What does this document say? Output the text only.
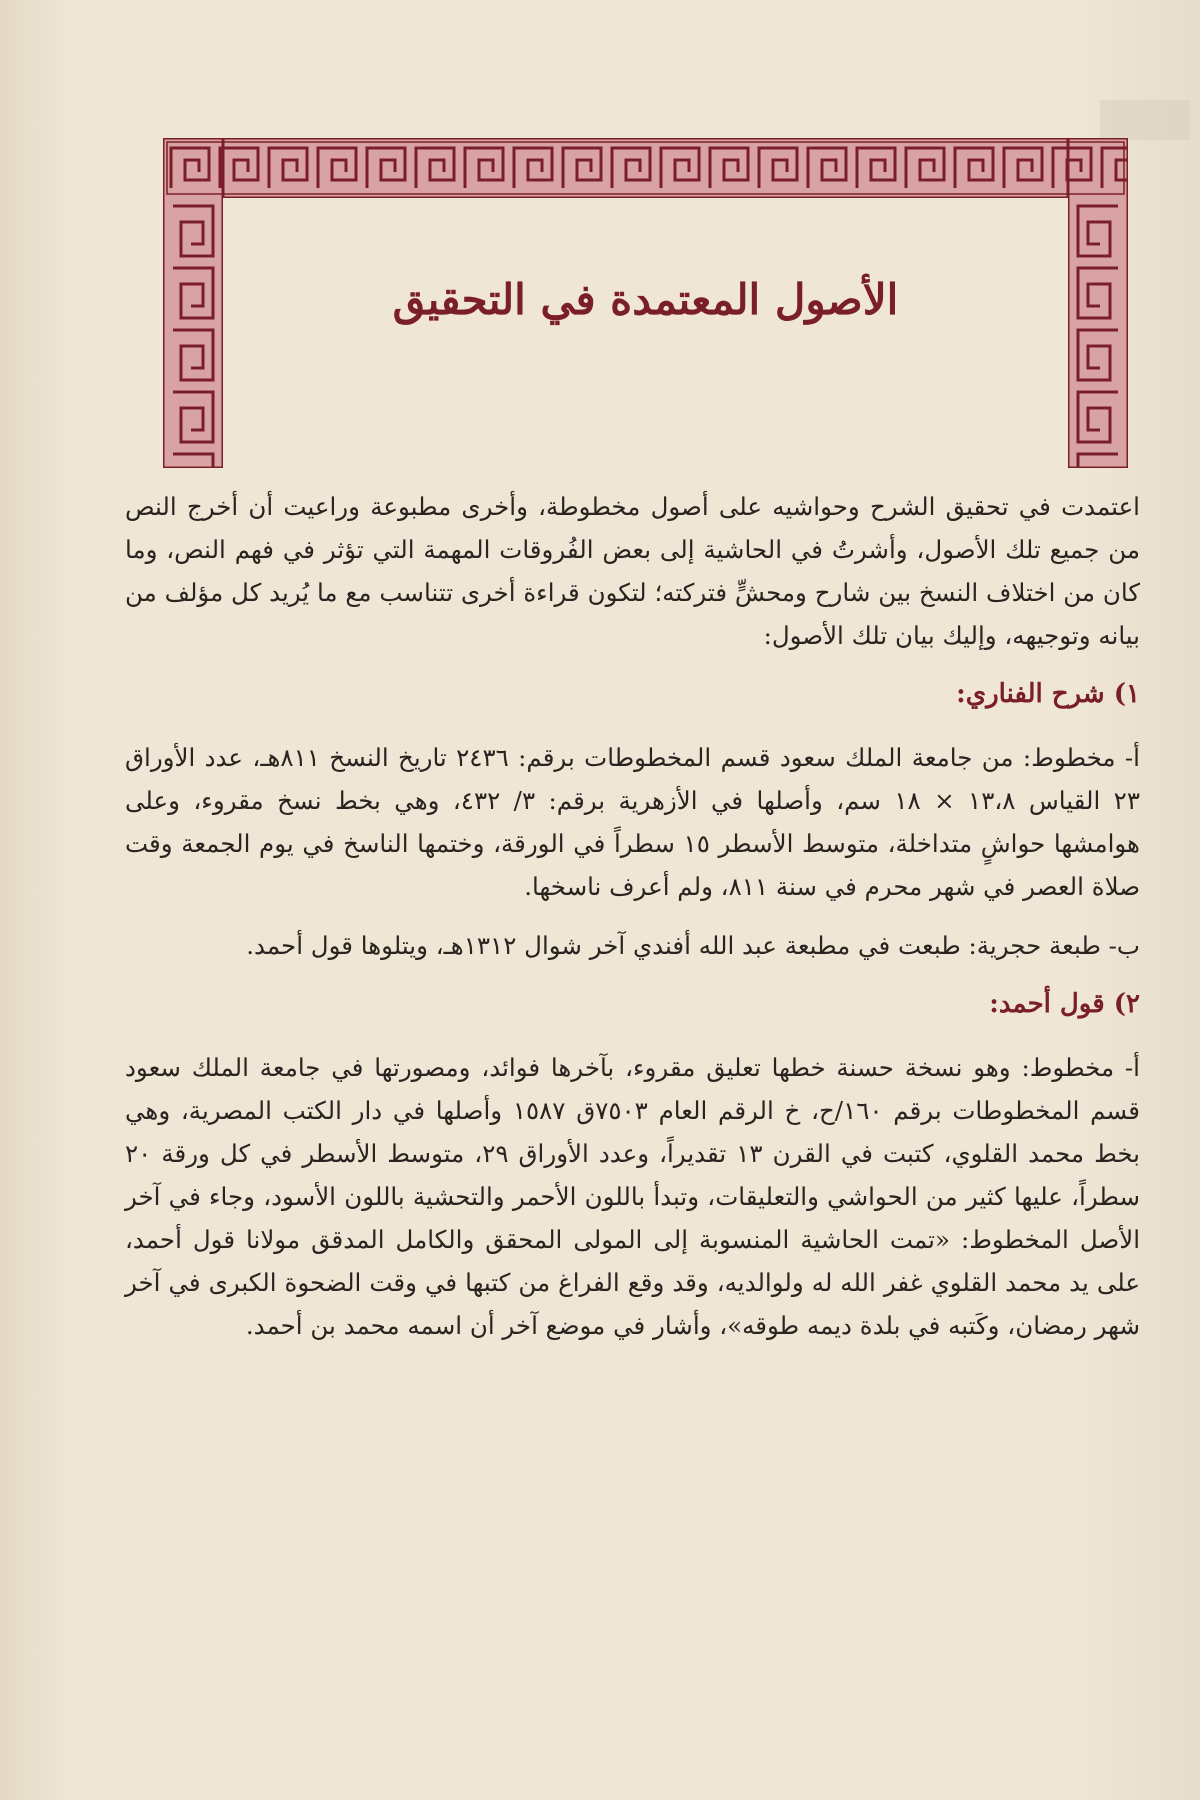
الأصول المعتمدة في التحقيق

اعتمدت في تحقيق الشرح وحواشيه على أصول مخطوطة، وأخرى مطبوعة وراعيت أن أخرج النص من جميع تلك الأصول، وأشرتُ في الحاشية إلى بعض الفُروقات المهمة التي تؤثر في فهم النص، وما كان من اختلاف النسخ بين شارح ومحشٍّ فتركته؛ لتكون قراءة أخرى تتناسب مع ما يُريد كل مؤلف من بيانه وتوجيهه، وإليك بيان تلك الأصول:

١) شرح الفناري:

أ- مخطوط: من جامعة الملك سعود قسم المخطوطات برقم: ٢٤٣٦ تاريخ النسخ ٨١١هـ، عدد الأوراق ٢٣ القياس ١٣،٨ × ١٨ سم، وأصلها في الأزهرية برقم: ٣/ ٤٣٢، وهي بخط نسخ مقروء، وعلى هوامشها حواشٍ متداخلة، متوسط الأسطر ١٥ سطراً في الورقة، وختمها الناسخ في يوم الجمعة وقت صلاة العصر في شهر محرم في سنة ٨١١، ولم أعرف ناسخها.

ب- طبعة حجرية: طبعت في مطبعة عبد الله أفندي آخر شوال ١٣١٢هـ، ويتلوها قول أحمد.

٢) قول أحمد:

أ- مخطوط: وهو نسخة حسنة خطها تعليق مقروء، بآخرها فوائد، ومصورتها في جامعة الملك سعود قسم المخطوطات برقم ١٦٠/ح، خ الرقم العام ٧٥٠٣ق ١٥٨٧ وأصلها في دار الكتب المصرية، وهي بخط محمد القلوي، كتبت في القرن ١٣ تقديراً، وعدد الأوراق ٢٩، متوسط الأسطر في كل ورقة ٢٠ سطراً، عليها كثير من الحواشي والتعليقات، وتبدأ باللون الأحمر والتحشية باللون الأسود، وجاء في آخر الأصل المخطوط: «تمت الحاشية المنسوبة إلى المولى المحقق والكامل المدقق مولانا قول أحمد، على يد محمد القلوي غفر الله له ولوالديه، وقد وقع الفراغ من كتبها في وقت الضحوة الكبرى في آخر شهر رمضان، وكَتبه في بلدة ديمه طوقه»، وأشار في موضع آخر أن اسمه محمد بن أحمد.
